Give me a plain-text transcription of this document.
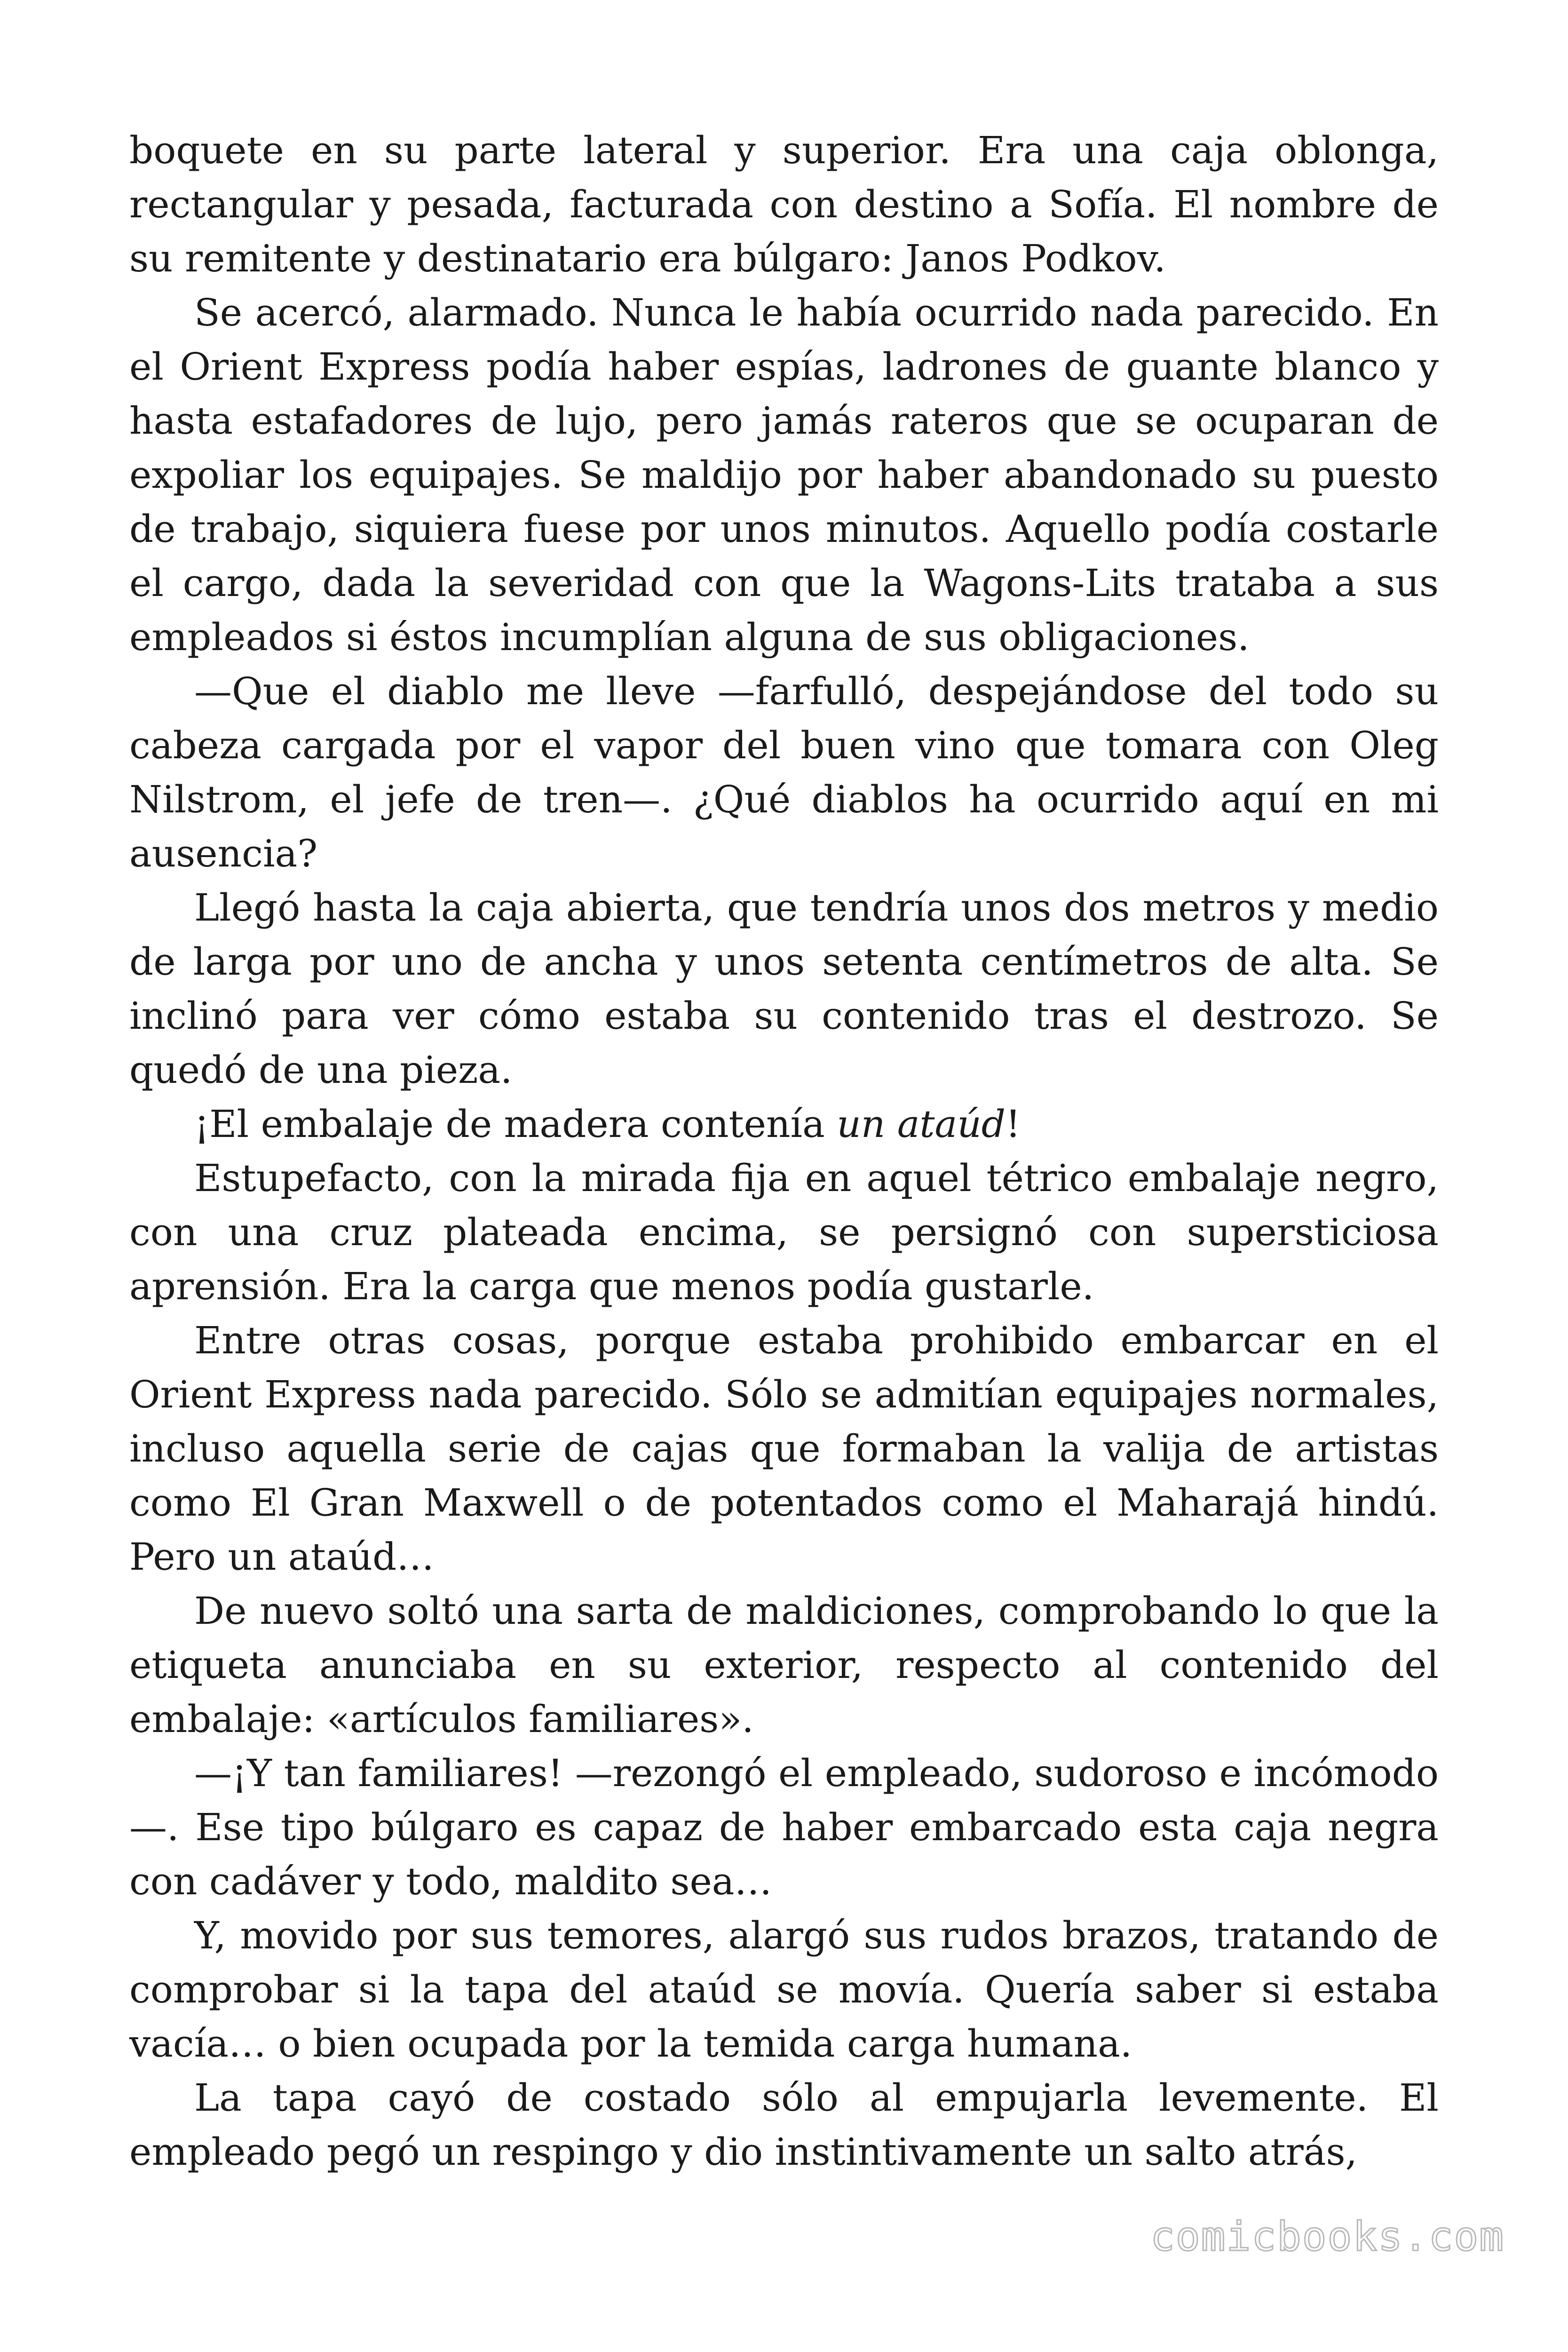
boquete en su parte lateral y superior. Era una caja oblonga, rectangular y pesada, facturada con destino a Sofía. El nombre de su remitente y destinatario era búlgaro: Janos Podkov.

Se acercó, alarmado. Nunca le había ocurrido nada parecido. En el Orient Express podía haber espías, ladrones de guante blanco y hasta estafadores de lujo, pero jamás rateros que se ocuparan de expoliar los equipajes. Se maldijo por haber abandonado su puesto de trabajo, siquiera fuese por unos minutos. Aquello podía costarle el cargo, dada la severidad con que la Wagons-Lits trataba a sus empleados si éstos incumplían alguna de sus obligaciones.

—Que el diablo me lleve —farfulló, despejándose del todo su cabeza cargada por el vapor del buen vino que tomara con Oleg Nilstrom, el jefe de tren—. ¿Qué diablos ha ocurrido aquí en mi ausencia?

Llegó hasta la caja abierta, que tendría unos dos metros y medio de larga por uno de ancha y unos setenta centímetros de alta. Se inclinó para ver cómo estaba su contenido tras el destrozo. Se quedó de una pieza.

¡El embalaje de madera contenía un ataúd!

Estupefacto, con la mirada fija en aquel tétrico embalaje negro, con una cruz plateada encima, se persignó con supersticiosa aprensión. Era la carga que menos podía gustarle.

Entre otras cosas, porque estaba prohibido embarcar en el Orient Express nada parecido. Sólo se admitían equipajes normales, incluso aquella serie de cajas que formaban la valija de artistas como El Gran Maxwell o de potentados como el Maharajá hindú. Pero un ataúd…

De nuevo soltó una sarta de maldiciones, comprobando lo que la etiqueta anunciaba en su exterior, respecto al contenido del embalaje: «artículos familiares».

—¡Y tan familiares! —rezongó el empleado, sudoroso e incómodo—. Ese tipo búlgaro es capaz de haber embarcado esta caja negra con cadáver y todo, maldito sea…

Y, movido por sus temores, alargó sus rudos brazos, tratando de comprobar si la tapa del ataúd se movía. Quería saber si estaba vacía… o bien ocupada por la temida carga humana.

La tapa cayó de costado sólo al empujarla levemente. El empleado pegó un respingo y dio instintivamente un salto atrás,

comicbooks.com
